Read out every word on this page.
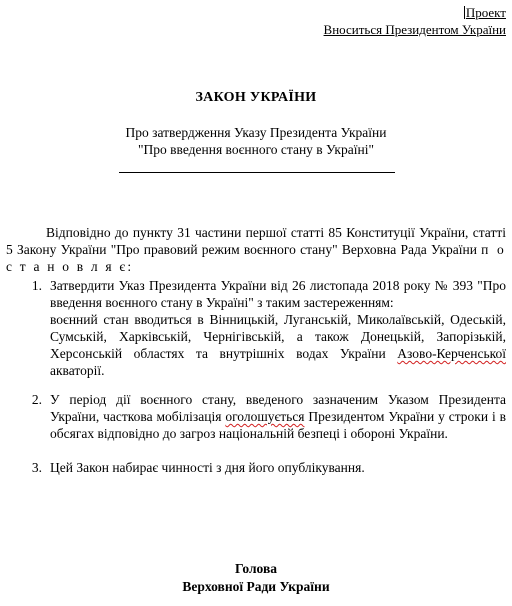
Проект
Вноситься Президентом України
ЗАКОН УКРАЇНИ
Про затвердження Указу Президента України
"Про введення воєнного стану в Україні"

Відповідно до пункту 31 частини першої статті 85 Конституції України, статті 5 Закону України "Про правовий режим воєнного стану" Верховна Рада України п о с т а н о в л я є:

1. Затвердити Указ Президента України від 26 листопада 2018 року № 393 "Про введення воєнного стану в Україні" з таким застереженням:

воєнний стан вводиться в Вінницькій, Луганській, Миколаївській, Одеській, Сумській, Харківській, Чернігівській, а також Донецькій, Запорізькій, Херсонській областях та внутрішніх водах України Азово-Керченської акваторії.

2. У період дії воєнного стану, введеного зазначеним Указом Президента України, часткова мобілізація оголошується Президентом України у строки і в обсягах відповідно до загроз національній безпеці і обороні України.

3. Цей Закон набирає чинності з дня його опублікування.

Голова
Верховної Ради України
